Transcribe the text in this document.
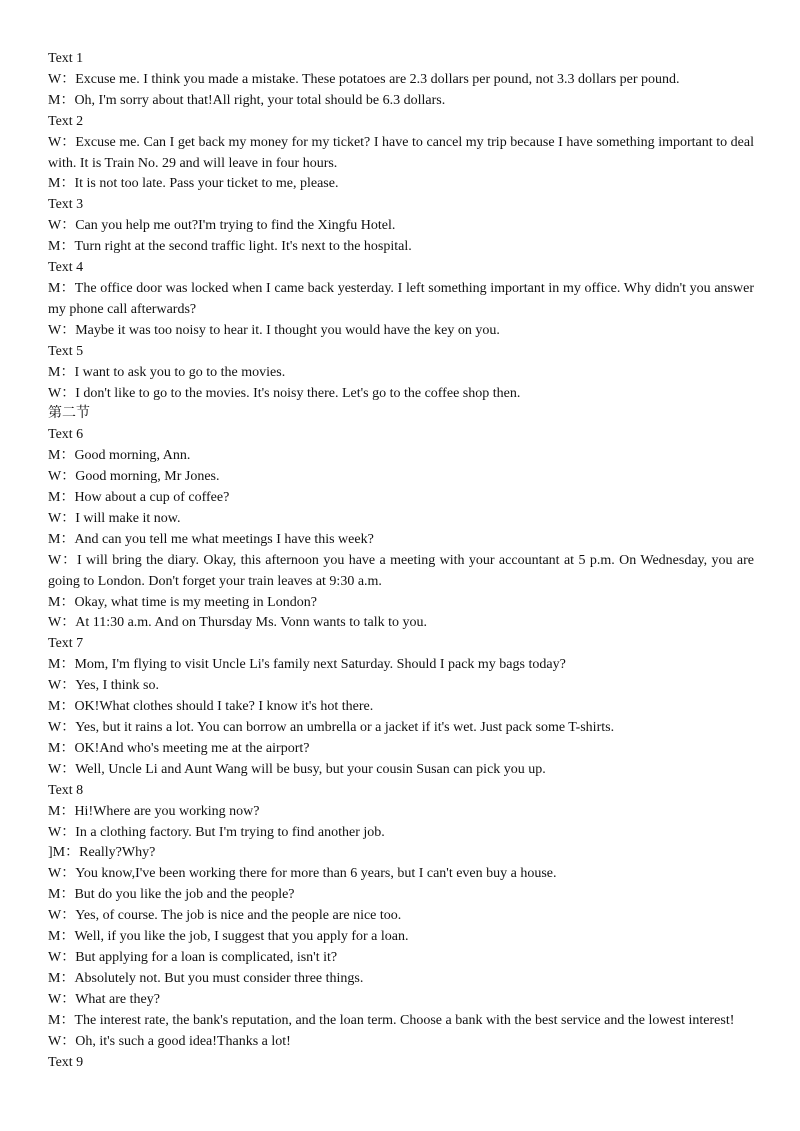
Text 1

W：Excuse me. I think you made a mistake. These potatoes are 2.3 dollars per pound, not 3.3 dollars per pound.

M：Oh, I'm sorry about that!All right, your total should be 6.3 dollars.

Text 2

W：Excuse me. Can I get back my money for my ticket? I have to cancel my trip because I have something important to deal with. It is Train No. 29 and will leave in four hours.

M：It is not too late. Pass your ticket to me, please.

Text 3

W：Can you help me out?I'm trying to find the Xingfu Hotel.

M：Turn right at the second traffic light. It's next to the hospital.

Text 4

M：The office door was locked when I came back yesterday. I left something important in my office. Why didn't you answer my phone call afterwards?

W：Maybe it was too noisy to hear it. I thought you would have the key on you.

Text 5

M：I want to ask you to go to the movies.

W：I don't like to go to the movies. It's noisy there. Let's go to the coffee shop then.

第二节

Text 6

M：Good morning, Ann.

W：Good morning, Mr Jones.

M：How about a cup of coffee?

W：I will make it now.

M：And can you tell me what meetings I have this week?

W：I will bring the diary. Okay, this afternoon you have a meeting with your accountant at 5 p.m. On Wednesday, you are going to London. Don't forget your train leaves at 9:30 a.m.

M：Okay, what time is my meeting in London?

W：At 11:30 a.m. And on Thursday Ms. Vonn wants to talk to you.

Text 7

M：Mom, I'm flying to visit Uncle Li's family next Saturday. Should I pack my bags today?

W：Yes, I think so.

M：OK!What clothes should I take? I know it's hot there.

W：Yes, but it rains a lot. You can borrow an umbrella or a jacket if it's wet. Just pack some T-shirts.

M：OK!And who's meeting me at the airport?

W：Well, Uncle Li and Aunt Wang will be busy, but your cousin Susan can pick you up.

Text 8

M：Hi!Where are you working now?

W：In a clothing factory. But I'm trying to find another job.

]M：Really?Why?

W：You know,I've been working there for more than 6 years, but I can't even buy a house.

M：But do you like the job and the people?

W：Yes, of course. The job is nice and the people are nice too.

M：Well, if you like the job, I suggest that you apply for a loan.

W：But applying for a loan is complicated, isn't it?

M：Absolutely not. But you must consider three things.

W：What are they?

M：The interest rate, the bank's reputation, and the loan term. Choose a bank with the best service and the lowest interest!

W：Oh, it's such a good idea!Thanks a lot!

Text 9
